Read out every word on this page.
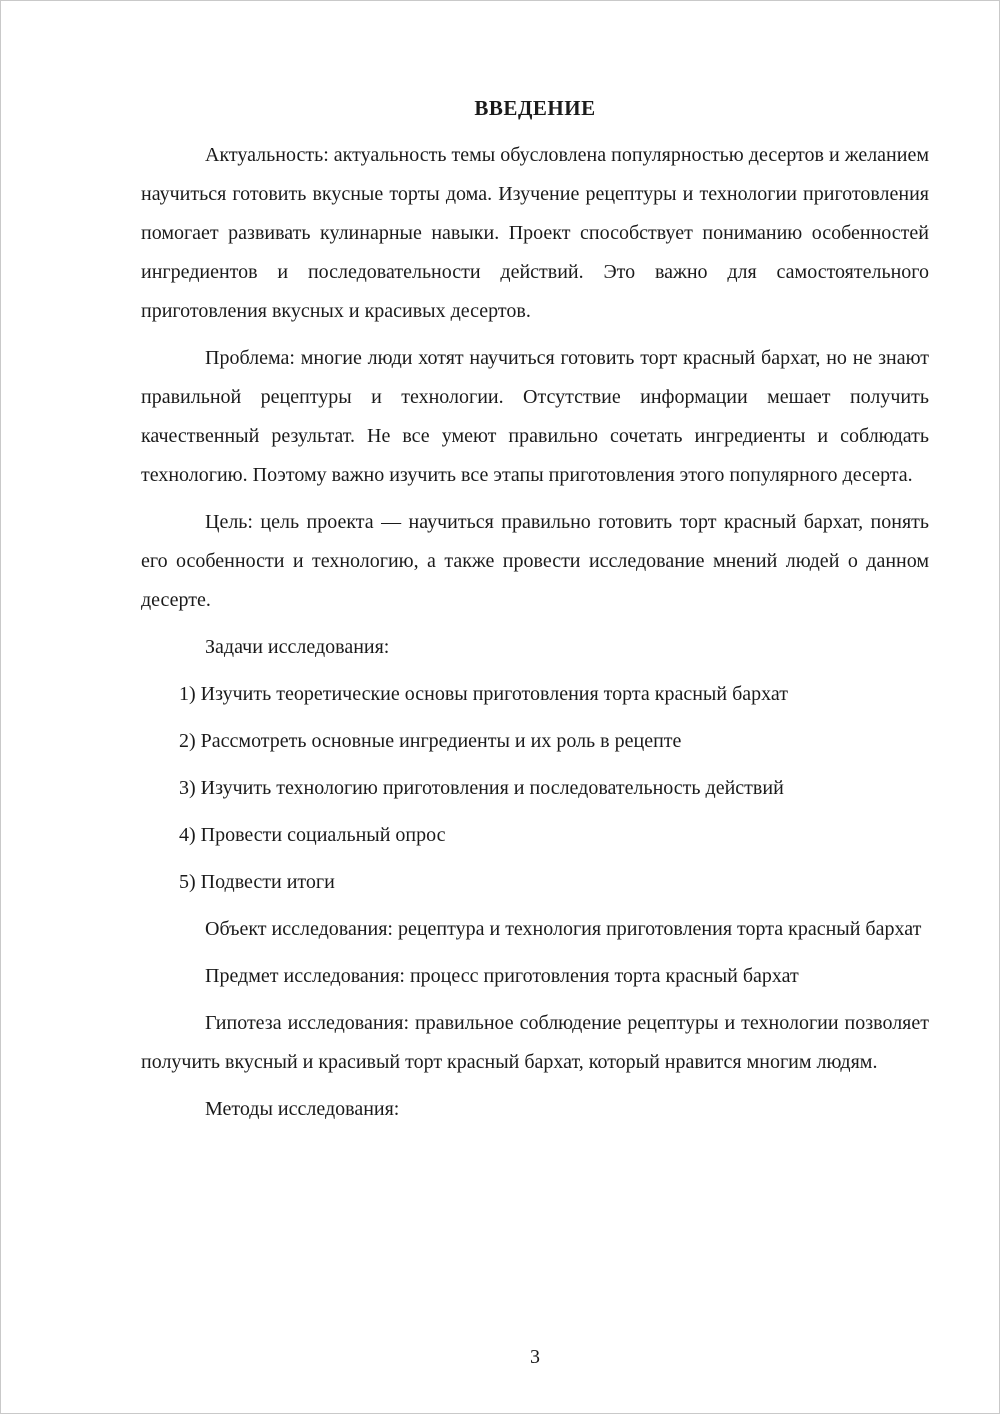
ВВЕДЕНИЕ

Актуальность: актуальность темы обусловлена популярностью десертов и желанием научиться готовить вкусные торты дома. Изучение рецептуры и технологии приготовления помогает развивать кулинарные навыки. Проект способствует пониманию особенностей ингредиентов и последовательности действий. Это важно для самостоятельного приготовления вкусных и красивых десертов.

Проблема: многие люди хотят научиться готовить торт красный бархат, но не знают правильной рецептуры и технологии. Отсутствие информации мешает получить качественный результат. Не все умеют правильно сочетать ингредиенты и соблюдать технологию. Поэтому важно изучить все этапы приготовления этого популярного десерта.

Цель: цель проекта — научиться правильно готовить торт красный бархат, понять его особенности и технологию, а также провести исследование мнений людей о данном десерте.

Задачи исследования:

1) Изучить теоретические основы приготовления торта красный бархат

2) Рассмотреть основные ингредиенты и их роль в рецепте

3) Изучить технологию приготовления и последовательность действий

4) Провести социальный опрос

5) Подвести итоги

Объект исследования: рецептура и технология приготовления торта красный бархат

Предмет исследования: процесс приготовления торта красный бархат

Гипотеза исследования: правильное соблюдение рецептуры и технологии позволяет получить вкусный и красивый торт красный бархат, который нравится многим людям.

Методы исследования:

3
